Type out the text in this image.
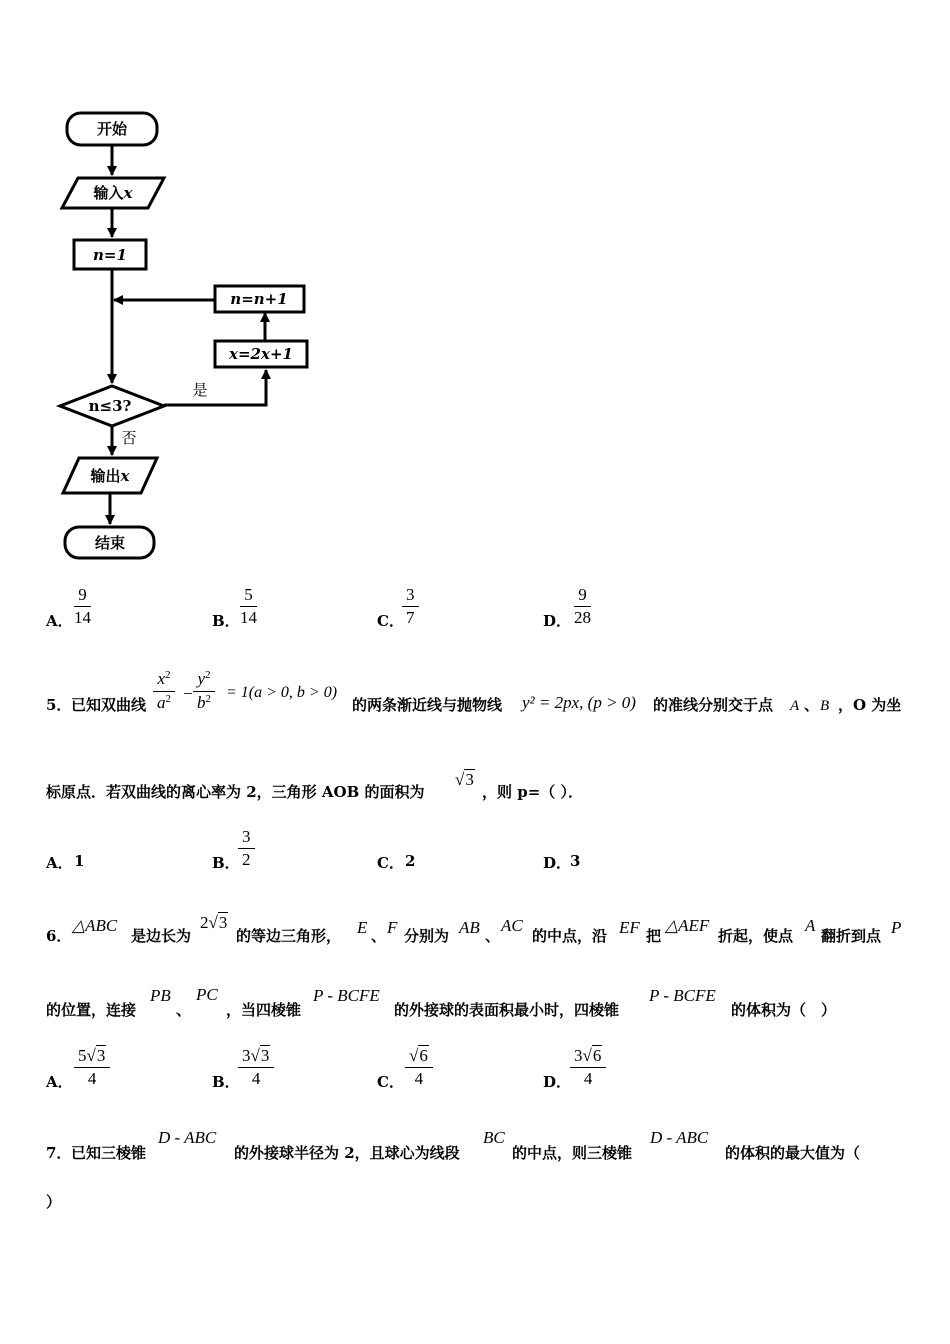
开始
输入x
n=1
n=n+1
x=2x+1
n≤3?
是
否
输出x
结束
A．
$\frac{9}{14}$	B．
$\frac{5}{14}$	C．
$\frac{3}{7}$	D．
$\frac{9}{28}$
5． 已知双曲线 $\frac{x^2}{a^2} - \frac{y^2}{b^2} = 1(a > 0$, b > 0)
的两条渐近线与抛物线 y² = 2px, (p > 0) 的准线分别交于点 A 、 B ，O 为坐
标原点．若双曲线的离心率为 2，三角形 AOB 的面积为
√3
，则 p=（ ）．
A． 1	B．
$\frac{3}{2}$	C． 2	D．
3
6．
△ABC
是边长为
2√3
的等边三角形， E 、 F 分别为 AB 、
AC
的中点，沿 EF 把
△AEF
折起，使点
A
翻折到点 P
的位置，连接
PB
、
PC
，当四棱锥
P - BCFE
的外接球的表面积最小时，四棱锥
P - BCFE
的体积为（　）
A． $\frac{5√3}{4}$	B．
$\frac{3√3}{4}$	C． $\frac{√6}{4}$	D．
$\frac{3√6}{4}$
7． 已知三棱锥
D - ABC
的外接球半径为 2，且球心为线段
BC
的中点，则三棱锥
D - ABC
的体积的最大值为（
）
